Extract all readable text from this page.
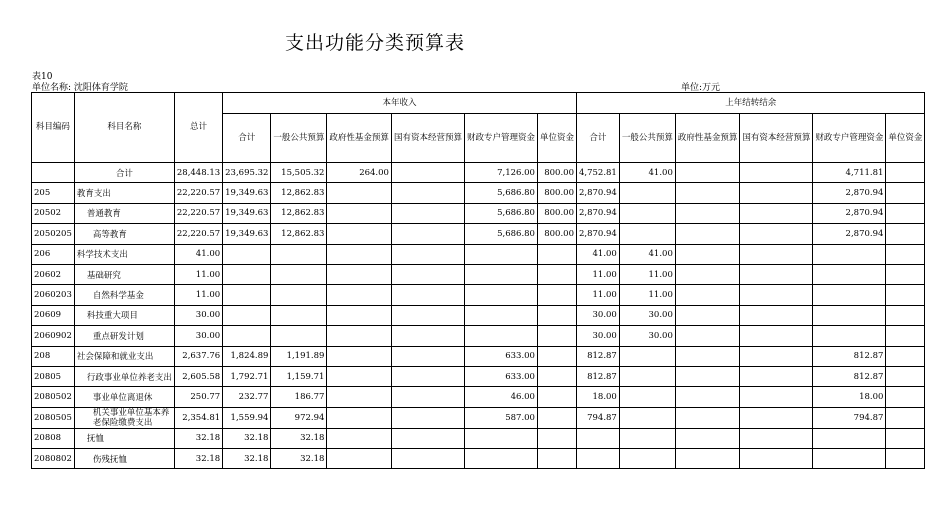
支出功能分类预算表
表10
单位名称: 沈阳体育学院	单位:万元
科目编码	科目名称	总计	本年收入						上年结转结余					
			合计	一般公共预算	政府性基金预算	国有资本经营预算	财政专户管理资金	单位资金	合计	一般公共预算	政府性基金预算	国有资本经营预算	财政专户管理资金	单位资金

	合计	28,448.13	23,695.32	15,505.32	264.00		7,126.00	800.00	4,752.81	41.00			4,711.81	
205	教育支出	22,220.57	19,349.63	12,862.83			5,686.80	800.00	2,870.94				2,870.94	
20502	普通教育	22,220.57	19,349.63	12,862.83			5,686.80	800.00	2,870.94				2,870.94	
2050205	高等教育	22,220.57	19,349.63	12,862.83			5,686.80	800.00	2,870.94				2,870.94	
206	科学技术支出	41.00							41.00	41.00				
20602	基础研究	11.00							11.00	11.00				
2060203	自然科学基金	11.00							11.00	11.00				
20609	科技重大项目	30.00							30.00	30.00				
2060902	重点研发计划	30.00							30.00	30.00				
208	社会保障和就业支出	2,637.76	1,824.89	1,191.89			633.00		812.87				812.87	
20805	行政事业单位养老支出	2,605.58	1,792.71	1,159.71			633.00		812.87				812.87	
2080502	事业单位离退休	250.77	232.77	186.77			46.00		18.00				18.00	
2080505	机关事业单位基本养老保险缴费支出	2,354.81	1,559.94	972.94			587.00		794.87				794.87	
20808	抚恤	32.18	32.18	32.18										
2080802	伤残抚恤	32.18	32.18	32.18										
